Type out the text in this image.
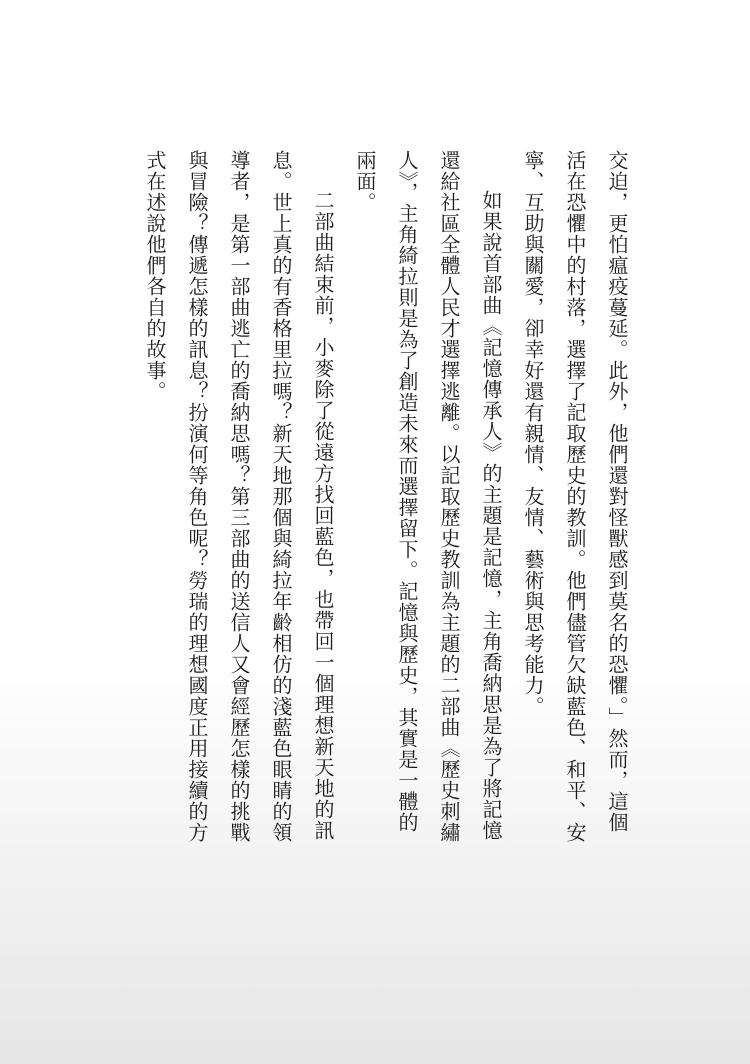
交迫，更怕瘟疫蔓延。此外，他們還對怪獸感到莫名的恐懼。」然而，這個活在恐懼中的村落，選擇了記取歷史的教訓。他們儘管欠缺藍色、和平、安寧、互助與關愛，卻幸好還有親情、友情、藝術與思考能力。

如果說首部曲《記憶傳承人》的主題是記憶，主角喬納思是為了將記憶還給社區全體人民才選擇逃離。以記取歷史教訓為主題的二部曲《歷史刺繡人》，主角綺拉則是為了創造未來而選擇留下。記憶與歷史，其實是一體的兩面。

二部曲結束前，小麥除了從遠方找回藍色，也帶回一個理想新天地的訊息。世上真的有香格里拉嗎？新天地那個與綺拉年齡相仿的淺藍色眼睛的領導者，是第一部曲逃亡的喬納思嗎？第三部曲的送信人又會經歷怎樣的挑戰與冒險？傳遞怎樣的訊息？扮演何等角色呢？勞瑞的理想國度正用接續的方式在述說他們各自的故事。
